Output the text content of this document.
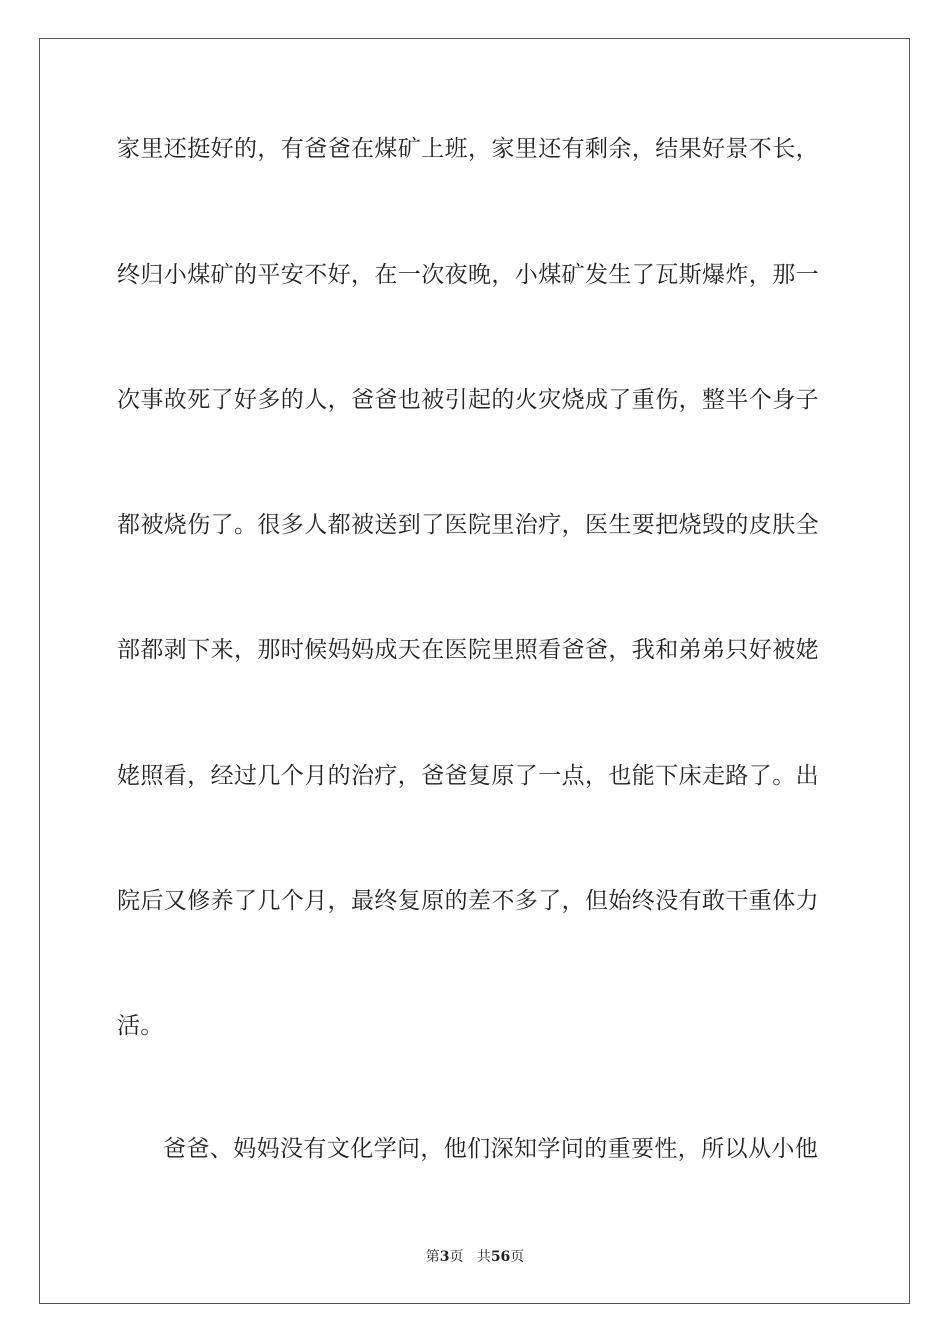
家里还挺好的，有爸爸在煤矿上班，家里还有剩余，结果好景不长，
终归小煤矿的平安不好，在一次夜晚，小煤矿发生了瓦斯爆炸，那一
次事故死了好多的人，爸爸也被引起的火灾烧成了重伤，整半个身子
都被烧伤了。很多人都被送到了医院里治疗，医生要把烧毁的皮肤全
部都剥下来，那时候妈妈成天在医院里照看爸爸，我和弟弟只好被姥
姥照看，经过几个月的治疗，爸爸复原了一点，也能下床走路了。出
院后又修养了几个月，最终复原的差不多了，但始终没有敢干重体力
活。
爸爸、妈妈没有文化学问，他们深知学问的重要性，所以从小他
第3页 共56页
